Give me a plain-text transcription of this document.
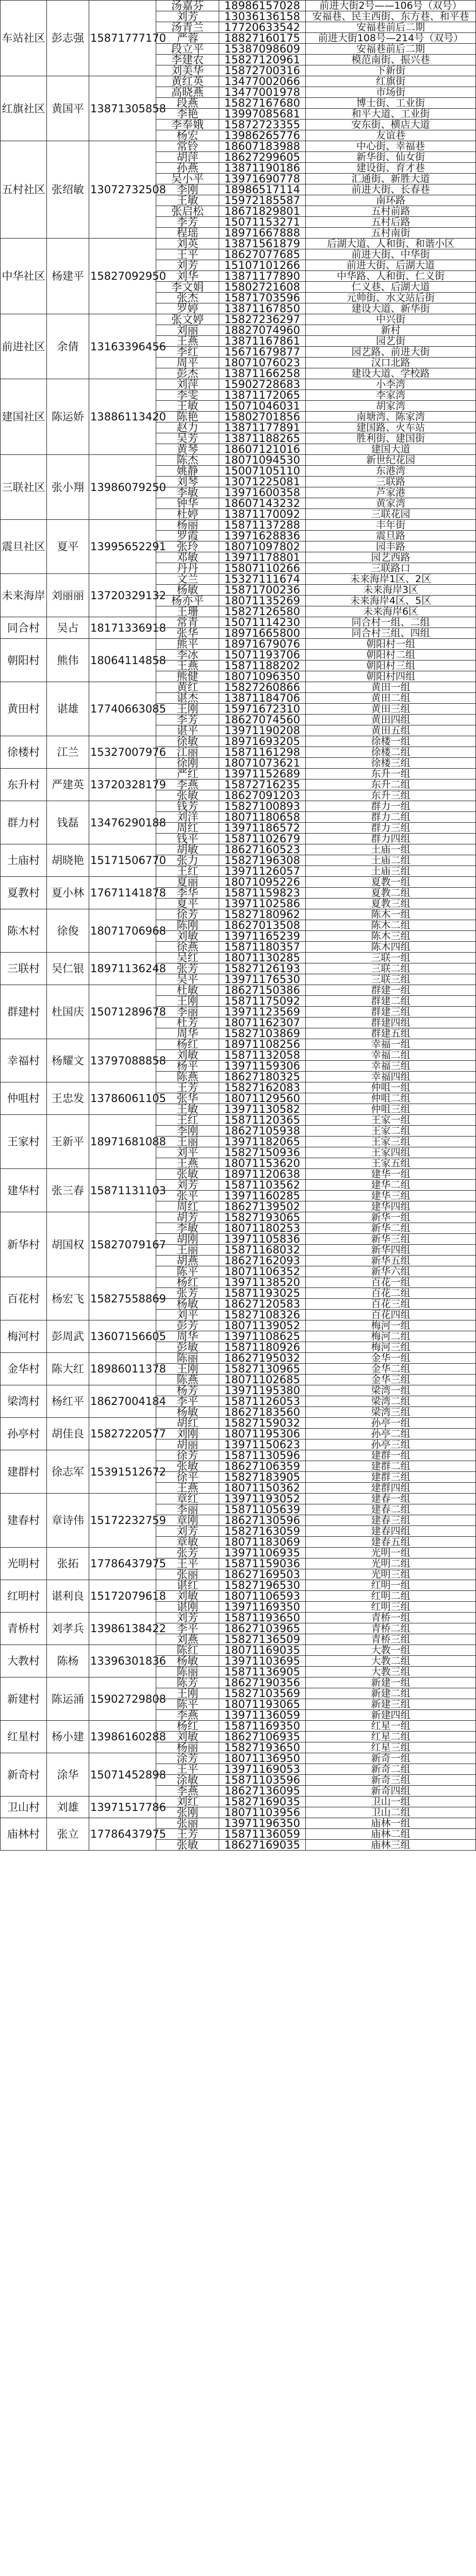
车站社区	彭志强	15871777170	汤嘉芬	18986157028	前进大街2号——106号（双号）
			刘芳	13036136158	安福巷、民主西街、东方巷、和平巷
			汤青兰	17720633542	安福巷前后二期
			严蓉	18827160175	前进大街108号—214号（双号）
			段立平	15387098609	安福巷前后二期
			李建农	15827120961	模范南街、振兴巷
			刘美华	15872700316	下新街
红旗社区	黄国平	13871305858	黄红英	13477002066	红旗街
			高晓燕	13477001978	市场街
			段燕	15827167680	博士街、工业街
			李艳	13997085681	和平大道、工业街
			李奉娥	15872723355	安东街、横店大道
			杨宏	13986265776	友谊巷
五村社区	张绍敏	13072732508	常铃	18607183988	中心街、幸福巷
			胡萍	18627299605	新华街、仙女街
			孙燕	13871190186	建设街、育才巷
			吴小平	13971690778	汇通街、新胜大道
			李刚	18986517114	前进大街、长春巷
			王敏	15972185587	南环路
			张启松	18671829801	五村前路
			李芳	15071153271	五村后路
			程瑶	18971667888	五村南街
中华社区	杨建平	15827092950	刘英	13871561879	后湖大道、人和街、和谐小区
			王平	18627077685	前进大街、中华街
			刘芳	15107101266	前进大街、后湖大道
			刘华	13871177890	中华路、人和街、仁义街
			李文娟	15802721608	仁义巷、后湖大道
			张杰	15871703596	元帅街、水文站后街
			罗婷	13871167850	建设大道、新华街
前进社区	余倩	13163396456	张文婷	15827236297	中兴街
			刘丽	18827074960	新村
			王燕	13871167861	园艺街
			李红	15671679877	园艺路、前进大街
			周平	18071076023	汉口北路
			彭杰	13871166258	建设大道、学校路
建国社区	陈运娇	13886113420	刘萍	15902728683	小李湾
			李雯	13871172065	李家湾
			王敏	15071046031	胡家湾
			陈艳	15802701856	南塘湾、陈家湾
			赵力	13871177891	建国路、火车站
			吴芳	13871188265	胜利街、建国街
			黄琴	18607121016	建国大道
三联社区	张小翔	13986079250	陈杰	18071094530	新世纪花园
			姚静	15007105110	东港湾
			刘琴	13071225081	三联路
			李敏	13971600358	芦家港
			钟华	18607143232	黄家湾
			杜婷	13871170092	三联花园
震旦社区	夏平	13995652291	杨丽	15871137288	丰年街
			罗霞	13971628836	震旦路
			张玲	18071097802	园丰路
			邓敏	13971178801	园艺西路
			丹丹	15807110266	三联路口
未来海岸	刘丽丽	13720329132	文兰	15327111674	未来海岸1区、2区
			杨敏	15871700236	未来海岸3区
			杨亦平	18071135269	未来海岸4区、5区
			王珊	15827126580	未来海岸6区
同合村	吴占	18171336918	常青	15071114230	同合村一组、二组
			张华	18971665800	同合村三组、四组
朝阳村	熊伟	18064114858	熊平	18971679076	朝阳村一组
			李冰	15071193706	朝阳村二组
			王燕	15871188202	朝阳村三组
			熊健	18071096350	朝阳村四组
黄田村	谌雄	17740663085	黄红	15827260866	黄田一组
			谌杰	13871184706	黄田二组
			王刚	15971672310	黄田三组
			李芳	18627074560	黄田四组
			谌平	13971190208	黄田五组
徐楼村	江兰	15327007976	徐敏	18971693205	徐楼一组
			江丽	15871161298	徐楼二组
			徐刚	18071073621	徐楼三组
东升村	严建英	13720328179	严红	13971152689	东升一组
			李燕	15872716235	东升二组
			张敏	18627091203	东升三组
群力村	钱磊	13476290188	钱芳	15827100893	群力一组
			刘洋	18071180658	群力二组
			周红	13971186572	群力三组
			钱平	15871102679	群力四组
土庙村	胡晓艳	15171506770	胡敏	18627160523	土庙一组
			张力	15827196308	土庙二组
			王红	13971126057	土庙三组
夏教村	夏小林	17671141878	夏丽	18071095226	夏教一组
			李华	15871159823	夏教二组
			夏平	13971102586	夏教三组
陈木村	徐俊	18071706968	徐芳	15827180962	陈木一组
			陈刚	18627013508	陈木二组
			刘敏	13971165239	陈木三组
			徐燕	15871180357	陈木四组
三联村	吴仁银	18971136248	吴红	18071130285	三联一组
			张芳	15827126193	三联二组
			吴平	13971176530	三联三组
群建村	杜国庆	15071289678	杜敏	18627150386	群建一组
			王刚	15871175092	群建二组
			李丽	13971123569	群建三组
			杜芳	18071162307	群建四组
			周华	15827103869	群建五组
幸福村	杨耀文	13797088858	杨红	18971108256	幸福一组
			刘敏	15871132058	幸福二组
			杨平	13971159306	幸福三组
			陈燕	18627180325	幸福四组
仲咀村	王忠发	13786061105	王芳	15827162083	仲咀一组
			张华	18071129560	仲咀二组
			王敏	13971130582	仲咀三组
王家村	王新平	18971681088	王红	15871120365	王家一组
			李刚	18627105938	王家二组
			王丽	13971182065	王家三组
			刘平	15827150936	王家四组
			王燕	18071153620	王家五组
建华村	张三春	15871131103	张敏	18971120638	建华一组
			刘芳	15871103562	建华二组
			张平	13971160285	建华三组
			周红	18627139502	建华四组
新华村	胡国权	15827079167	胡芳	15827193065	新华一组
			李敏	18071180253	新华二组
			胡刚	13971105836	新华三组
			王丽	15871168032	新华四组
			胡燕	18627162093	新华五组
			陈平	18071106352	新华六组
百花村	杨宏飞	15827558869	杨红	13971138520	百花一组
			张芳	15871193025	百花二组
			杨敏	18627120583	百花三组
			刘平	15827108326	百花四组
梅河村	彭周武	13607156605	彭芳	18071139052	梅河一组
			周华	13971108625	梅河二组
			彭敏	15871180926	梅河三组
金华村	陈大红	18986011378	陈丽	18627195032	金华一组
			王刚	15827130965	金华二组
			陈燕	18071102685	金华三组
梁湾村	杨红平	18627004184	杨芳	13971195380	梁湾一组
			李平	15871126053	梁湾二组
			杨敏	18627183560	梁湾三组
孙亭村	胡佳良	15827220577	胡红	15827159032	孙亭一组
			刘刚	18071195306	孙亭二组
			胡丽	13971150623	孙亭三组
建群村	徐志军	15391512672	徐芳	15871130596	建群一组
			张敏	18627106359	建群二组
			徐平	15827183905	建群三组
			王燕	18071150362	建群四组
建春村	章诗伟	15172232759	章红	13971193052	建春一组
			李丽	15871105639	建春二组
			章刚	18627130596	建春三组
			刘芳	15827163059	建春四组
			章敏	18071183069	建春五组
光明村	张拓	17786437975	张芳	13971106935	光明一组
			王平	15871159036	光明二组
			张丽	18627169503	光明三组
红明村	谌利良	15172079618	谌红	15827196530	红明一组
			刘敏	18071106593	红明二组
			谌刚	13971169350	红明三组
青桥村	刘孝兵	13986138422	刘芳	15871193650	青桥一组
			李平	18627103965	青桥二组
			刘燕	15827136509	青桥三组
大教村	陈杨	13396301836	陈红	18071169035	大教一组
			杨敏	13971103695	大教二组
			陈丽	15871136905	大教三组
新建村	陈运涌	15902729808	陈芳	18627190356	新建一组
			王刚	15827103569	新建二组
			陈平	18071193065	新建三组
			李燕	13971136059	新建四组
红星村	杨小建	13986160288	杨红	15871169350	红星一组
			刘敏	18627106935	红星二组
			杨丽	15827193650	红星三组
新奇村	涂华	15071452898	涂芳	18071136950	新奇一组
			王平	13971169053	新奇二组
			涂敏	15871103596	新奇三组
			李燕	18627136095	新奇四组
卫山村	刘雄	13971517786	刘红	15827169035	卫山一组
			张刚	18071103956	卫山二组
庙林村	张立	17786437975	张丽	13971196350	庙林一组
			王芳	15871136059	庙林二组
			张敏	18627169035	庙林三组
